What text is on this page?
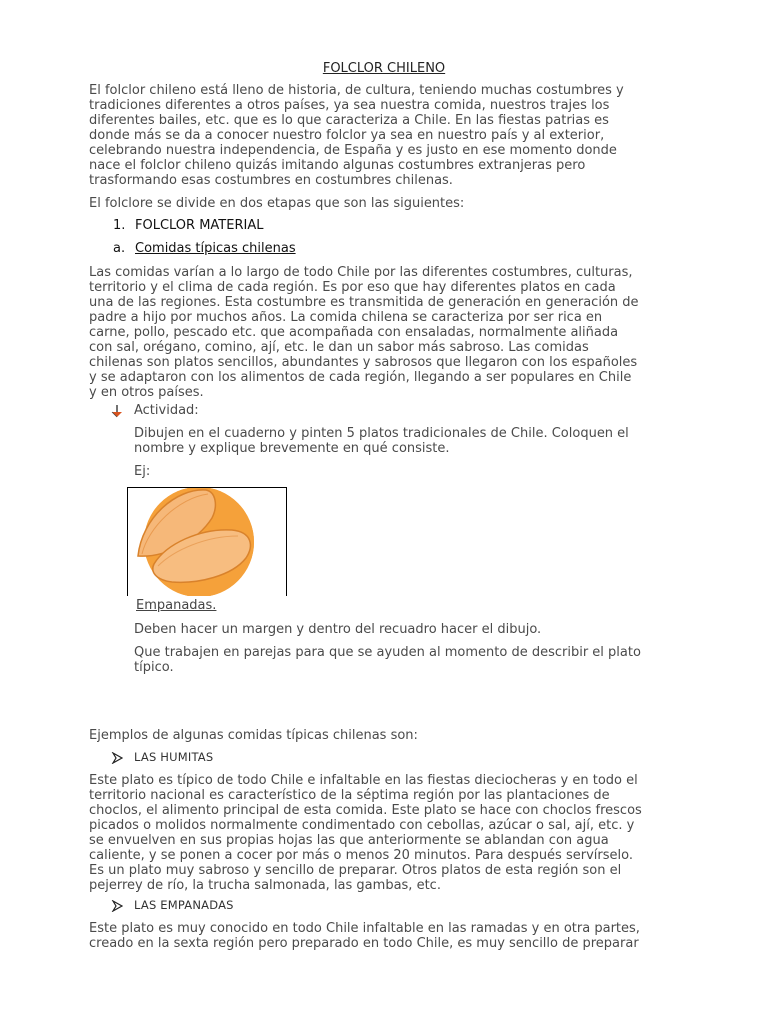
FOLCLOR CHILENO

El folclor chileno está lleno de historia, de cultura, teniendo muchas costumbres y
tradiciones diferentes a otros países, ya sea nuestra comida, nuestros trajes los
diferentes bailes, etc. que es lo que caracteriza a Chile. En las fiestas patrias es
donde más se da a conocer nuestro folclor ya sea en nuestro país y al exterior,
celebrando nuestra independencia, de España y es justo en ese momento donde
nace el folclor chileno quizás imitando algunas costumbres extranjeras pero
trasformando esas costumbres en costumbres chilenas.

El folclore se divide en dos etapas que son las siguientes:
1. FOLCLOR MATERIAL
a. Comidas típicas chilenas

Las comidas varían a lo largo de todo Chile por las diferentes costumbres, culturas,
territorio y el clima de cada región. Es por eso que hay diferentes platos en cada
una de las regiones. Esta costumbre es transmitida de generación en generación de
padre a hijo por muchos años. La comida chilena se caracteriza por ser rica en
carne, pollo, pescado etc. que acompañada con ensaladas, normalmente aliñada
con sal, orégano, comino, ají, etc. le dan un sabor más sabroso. Las comidas
chilenas son platos sencillos, abundantes y sabrosos que llegaron con los españoles
y se adaptaron con los alimentos de cada región, llegando a ser populares en Chile
y en otros países.

Actividad:

Dibujen en el cuaderno y pinten 5 platos tradicionales de Chile. Coloquen el
nombre y explique brevemente en qué consiste.

Ej:
Empanadas.
Deben hacer un margen y dentro del recuadro hacer el dibujo.

Que trabajen en parejas para que se ayuden al momento de describir el plato
típico.

Ejemplos de algunas comidas típicas chilenas son:
LAS HUMITAS

Este plato es típico de todo Chile e infaltable en las fiestas dieciocheras y en todo el
territorio nacional es característico de la séptima región por las plantaciones de
choclos, el alimento principal de esta comida. Este plato se hace con choclos frescos
picados o molidos normalmente condimentado con cebollas, azúcar o sal, ají, etc. y
se envuelven en sus propias hojas las que anteriormente se ablandan con agua
caliente, y se ponen a cocer por más o menos 20 minutos. Para después servírselo.
Es un plato muy sabroso y sencillo de preparar. Otros platos de esta región son el
pejerrey de río, la trucha salmonada, las gambas, etc.

LAS EMPANADAS

Este plato es muy conocido en todo Chile infaltable en las ramadas y en otra partes,
creado en la sexta región pero preparado en todo Chile, es muy sencillo de preparar
